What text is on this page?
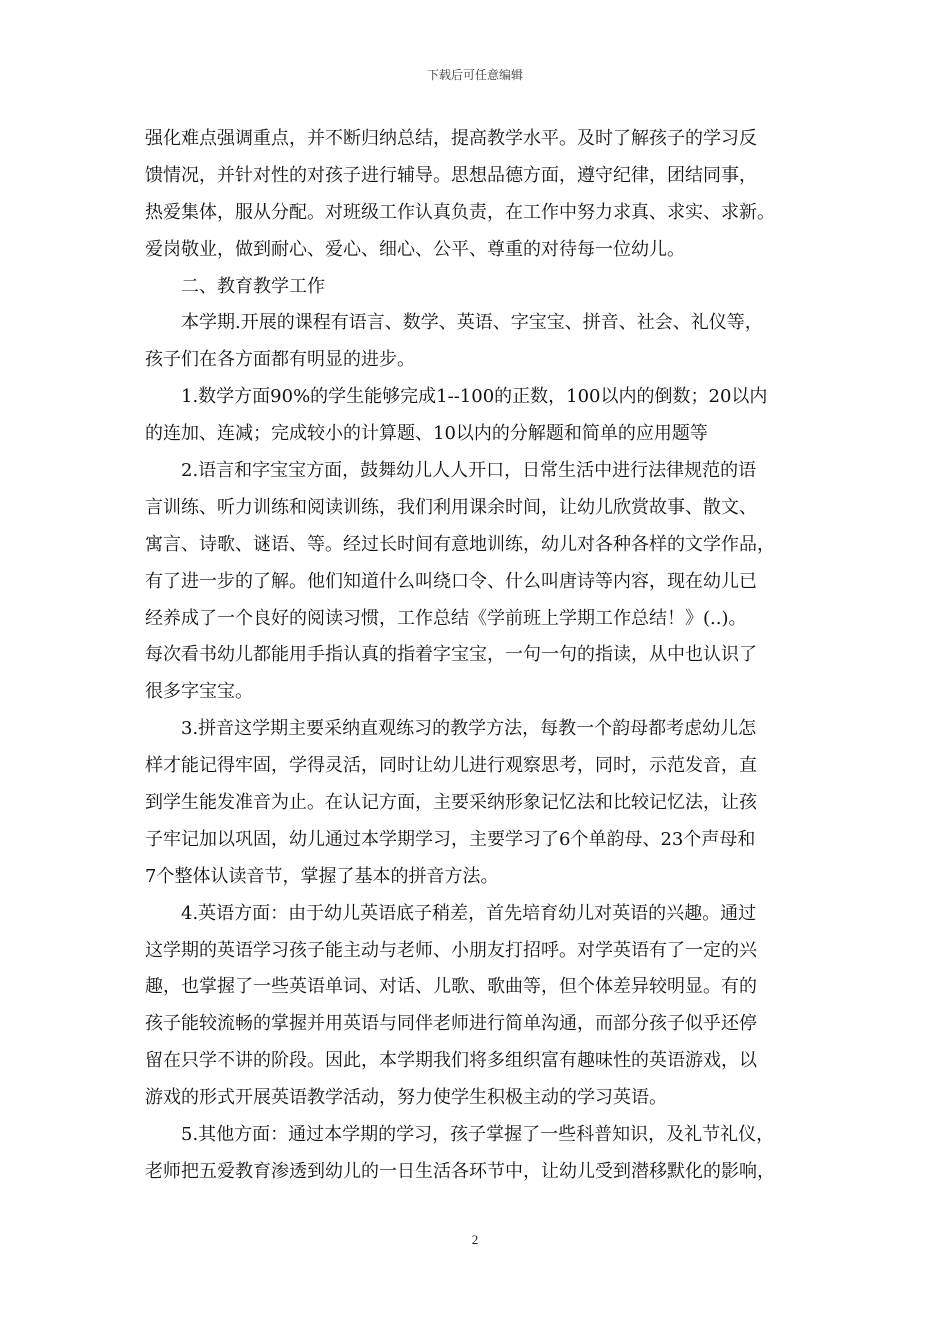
下载后可任意编辑
强化难点强调重点，并不断归纳总结，提高教学水平。及时了解孩子的学习反
馈情况，并针对性的对孩子进行辅导。思想品德方面，遵守纪律，团结同事，
热爱集体，服从分配。对班级工作认真负责，在工作中努力求真、求实、求新。
爱岗敬业，做到耐心、爱心、细心、公平、尊重的对待每一位幼儿。
二、教育教学工作
本学期.开展的课程有语言、数学、英语、字宝宝、拼音、社会、礼仪等，
孩子们在各方面都有明显的进步。
1.数学方面90%的学生能够完成1--100的正数，100以内的倒数；20以内
的连加、连减；完成较小的计算题、10以内的分解题和简单的应用题等
2.语言和字宝宝方面，鼓舞幼儿人人开口，日常生活中进行法律规范的语
言训练、听力训练和阅读训练，我们利用课余时间，让幼儿欣赏故事、散文、
寓言、诗歌、谜语、等。经过长时间有意地训练，幼儿对各种各样的文学作品，
有了进一步的了解。他们知道什么叫绕口令、什么叫唐诗等内容，现在幼儿已
经养成了一个良好的阅读习惯，工作总结《学前班上学期工作总结！》(..)。
每次看书幼儿都能用手指认真的指着字宝宝，一句一句的指读，从中也认识了
很多字宝宝。
3.拼音这学期主要采纳直观练习的教学方法，每教一个韵母都考虑幼儿怎
样才能记得牢固，学得灵活，同时让幼儿进行观察思考，同时，示范发音，直
到学生能发准音为止。在认记方面，主要采纳形象记忆法和比较记忆法，让孩
子牢记加以巩固，幼儿通过本学期学习，主要学习了6个单韵母、23个声母和
7个整体认读音节，掌握了基本的拼音方法。
4.英语方面：由于幼儿英语底子稍差，首先培育幼儿对英语的兴趣。通过
这学期的英语学习孩子能主动与老师、小朋友打招呼。对学英语有了一定的兴
趣，也掌握了一些英语单词、对话、儿歌、歌曲等，但个体差异较明显。有的
孩子能较流畅的掌握并用英语与同伴老师进行简单沟通，而部分孩子似乎还停
留在只学不讲的阶段。因此，本学期我们将多组织富有趣味性的英语游戏，以
游戏的形式开展英语教学活动，努力使学生积极主动的学习英语。
5.其他方面：通过本学期的学习，孩子掌握了一些科普知识，及礼节礼仪，
老师把五爱教育渗透到幼儿的一日生活各环节中，让幼儿受到潜移默化的影响，
2
